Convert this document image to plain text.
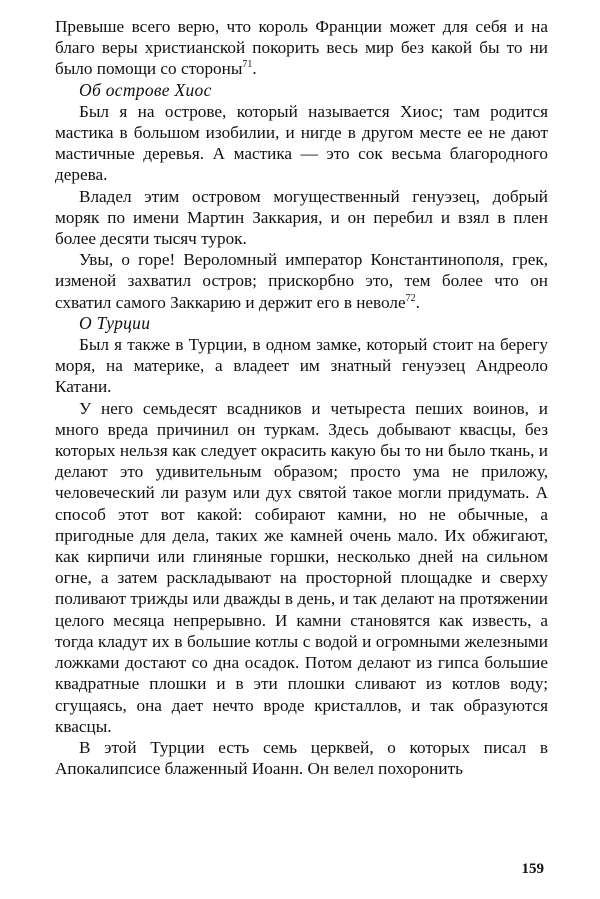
Превыше всего верю, что король Франции может для себя и на благо веры христианской покорить весь мир без какой бы то ни было помощи со стороны$^{71}$.

Об острове Хиос

Был я на острове, который называется Хиос; там родится мастика в большом изобилии, и нигде в другом месте ее не дают мастичные деревья. А мастика — это сок весьма благородного дерева.

Владел этим островом могущественный генуэзец, добрый моряк по имени Мартин Заккария, и он перебил и взял в плен более десяти тысяч турок.

Увы, о горе! Вероломный император Константинополя, грек, изменой захватил остров; прискорбно это, тем более что он схватил самого Заккарию и держит его в неволе$^{72}$.

О Турции

Был я также в Турции, в одном замке, который стоит на берегу моря, на материке, а владеет им знатный генуэзец Андреоло Катани.

У него семьдесят всадников и четыреста пеших воинов, и много вреда причинил он туркам. Здесь добывают квасцы, без которых нельзя как следует окрасить какую бы то ни было ткань, и делают это удивительным образом; просто ума не приложу, человеческий ли разум или дух святой такое могли придумать. А способ этот вот какой: собирают камни, но не обычные, а пригодные для дела, таких же камней очень мало. Их обжигают, как кирпичи или глиняные горшки, несколько дней на сильном огне, а затем раскладывают на просторной площадке и сверху поливают трижды или дважды в день, и так делают на протяжении целого месяца непрерывно. И камни становятся как известь, а тогда кладут их в большие котлы с водой и огромными железными ложками достают со дна осадок. Потом делают из гипса большие квадратные плошки и в эти плошки сливают из котлов воду; сгущаясь, она дает нечто вроде кристаллов, и так образуются квасцы.

В этой Турции есть семь церквей, о которых писал в Апокалипсисе блаженный Иоанн. Он велел похоронить

159
